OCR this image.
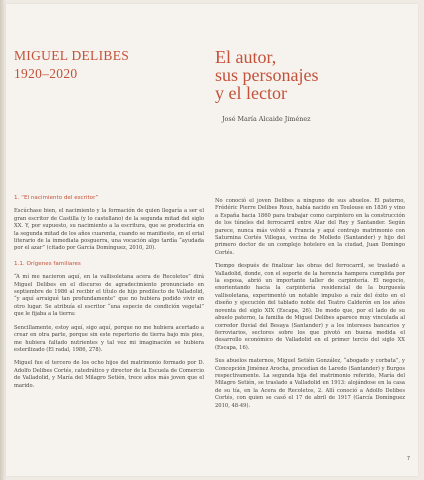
MIGUEL DELIBES
1920–2020
El autor,
sus personajes
y el lector
José María Alcaide Jiménez
1. “El nacimiento del escritor”

Escúchase bien, el nacimiento y la formación de quien llegaría a ser el gran escritor de Castilla (y lo castellano) de la segunda mitad del siglo XX. Y, por supuesto, su nacimiento a la escritura, que se produciría en la segunda mitad de los años cuarenta, cuando se manifieste, en el erial literario de la inmediata posguerra, una vocación algo tardía “ayudada por el azar” (citado por García Domínguez, 2010, 20).

1.1. Orígenes familiares

“A mí me nacieron aquí, en la vallisoletana acera de Recoletos” dirá Miguel Delibes en el discurso de agradecimiento pronunciado en septiembre de 1986 al recibir el título de hijo predilecto de Valladolid, “y aquí arraigué tan profundamente” que no hubiera podido vivir en otro lugar. Se atribuía el escritor “una especie de condición vegetal” que le fijaba a la tierra:

Sencillamente, estoy aquí, sigo aquí, porque no me hubiera acertado a crear en otra parte, porque sin este repertorio de tierra bajo mis pies, me hubiera faltado nutrientes y tal vez mi imaginación se hubiera esterilizado (El radal, 1986, 278).

Miguel fue el tercero de los ocho hijos del matrimonio formado por D. Adolfo Delibes Cortés, catedrático y director de la Escuela de Comercio de Valladolid, y María del Milagro Setién, trece años más joven que el marido.

No conoció el joven Delibes a ninguno de sus abuelos. El paterno, Frédéric Pierre Delibes Roux, había nacido en Toulouse en 1836 y vino a España hacia 1860 para trabajar como carpintero en la construcción de los túneles del ferrocarril entre Alar del Rey y Santander. Según parece, nunca más volvió a Francia y aquí contrajo matrimonio con Saturnina Cortés Villegas, vecina de Molledo (Santander) y hijo del primero doctor de un complejo hotelero en la ciudad, Juan Domingo Cortés.

Tiempo después de finalizar las obras del ferrocarril, se trasladó a Valladolid, donde, con el soporte de la herencia hampera cumplida por la esposa, abrió un importante taller de carpintería. El negocio, enorientando hacia la carpintería residencial de la burguesía vallisoletana, experimentó un notable impulso a raíz del éxito en el diseño y ejecución del tablado noble del Teatro Calderón en los años noventa del siglo XIX (Escapa, 26). De modo que, por el lado de su abuelo paterno, la familia de Miguel Delibes aparece muy vinculada al corredor fluvial del Besaya (Santander) y a los intereses bancarios y ferroviarios, sectores sobre los que pivotó en buena medida el desarrollo económico de Valladolid en el primer tercio del siglo XX (Escapa, 16).

Sus abuelos maternos, Miguel Setién González, “abogado y corbata”, y Concepción Jiménez Arocha, procedían de Laredo (Santander) y Burgos respectivamente. La segunda hija del matrimonio referido, María del Milagro Setién, se traslado a Valladolid en 1913: alojándose en la casa de su tía, en la Acera de Recoletos, 2. Allí conoció a Adolfo Delibes Cortés, con quien se casó el 17 de abril de 1917 (García Domínguez 2010, 48-49).

7
